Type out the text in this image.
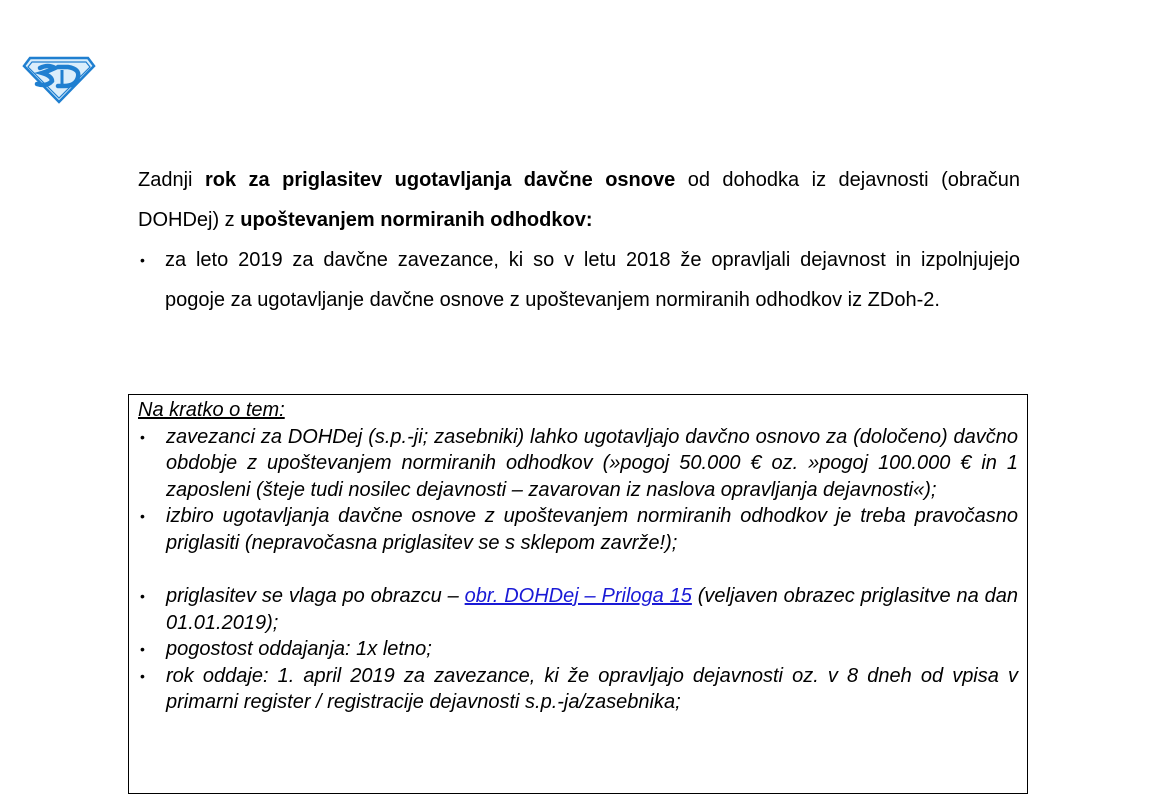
Zadnji rok za priglasitev ugotavljanja davčne osnove od dohodka iz dejavnosti (obračun DOHDej) z upoštevanjem normiranih odhodkov:

• za leto 2019 za davčne zavezance, ki so v letu 2018 že opravljali dejavnost in izpolnjujejo pogoje za ugotavljanje davčne osnove z upoštevanjem normiranih odhodkov iz ZDoh-2.

Na kratko o tem:

• zavezanci za DOHDej (s.p.-ji; zasebniki) lahko ugotavljajo davčno osnovo za (določeno) davčno obdobje z upoštevanjem normiranih odhodkov (»pogoj 50.000 € oz. »pogoj 100.000 € in 1 zaposleni (šteje tudi nosilec dejavnosti – zavarovan iz naslova opravljanja dejavnosti«);
• izbiro ugotavljanja davčne osnove z upoštevanjem normiranih odhodkov je treba pravočasno priglasiti (nepravočasna priglasitev se s sklepom zavrže!);
• priglasitev se vlaga po obrazcu – obr. DOHDej – Priloga 15 (veljaven obrazec priglasitve na dan 01.01.2019);
• pogostost oddajanja: 1x letno;
• rok oddaje: 1. april 2019 za zavezance, ki že opravljajo dejavnosti oz. v 8 dneh od vpisa v primarni register / registracije dejavnosti s.p.-ja/zasebnika;
